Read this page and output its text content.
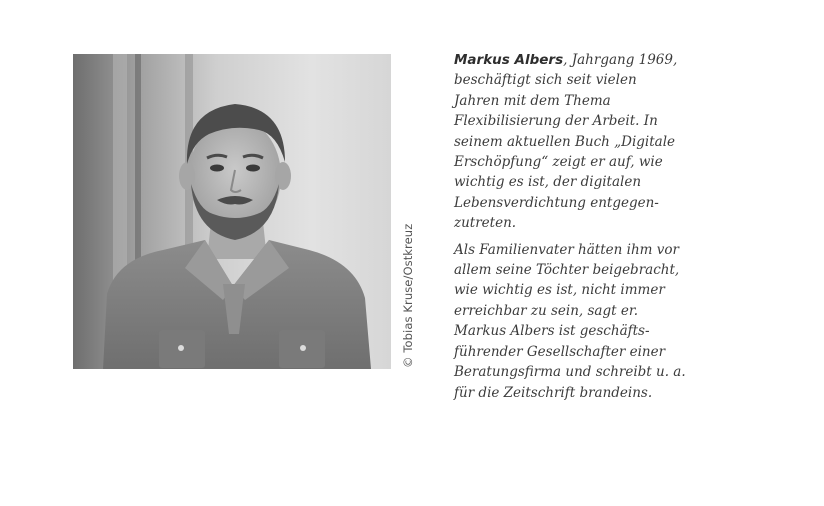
© Tobias Kruse/Ostkreuz

Markus Albers, Jahrgang 1969,
beschäftigt sich seit vielen
Jahren mit dem Thema
Flexibilisierung der Arbeit. In
seinem aktuellen Buch „Digitale
Erschöpfung“ zeigt er auf, wie
wichtig es ist, der digitalen
Lebensverdichtung entgegen-
zutreten.

Als Familienvater hätten ihm vor
allem seine Töchter beigebracht,
wie wichtig es ist, nicht immer
erreichbar zu sein, sagt er.
Markus Albers ist geschäfts-
führender Gesellschafter einer
Beratungsfirma und schreibt u. a.
für die Zeitschrift brandeins.
